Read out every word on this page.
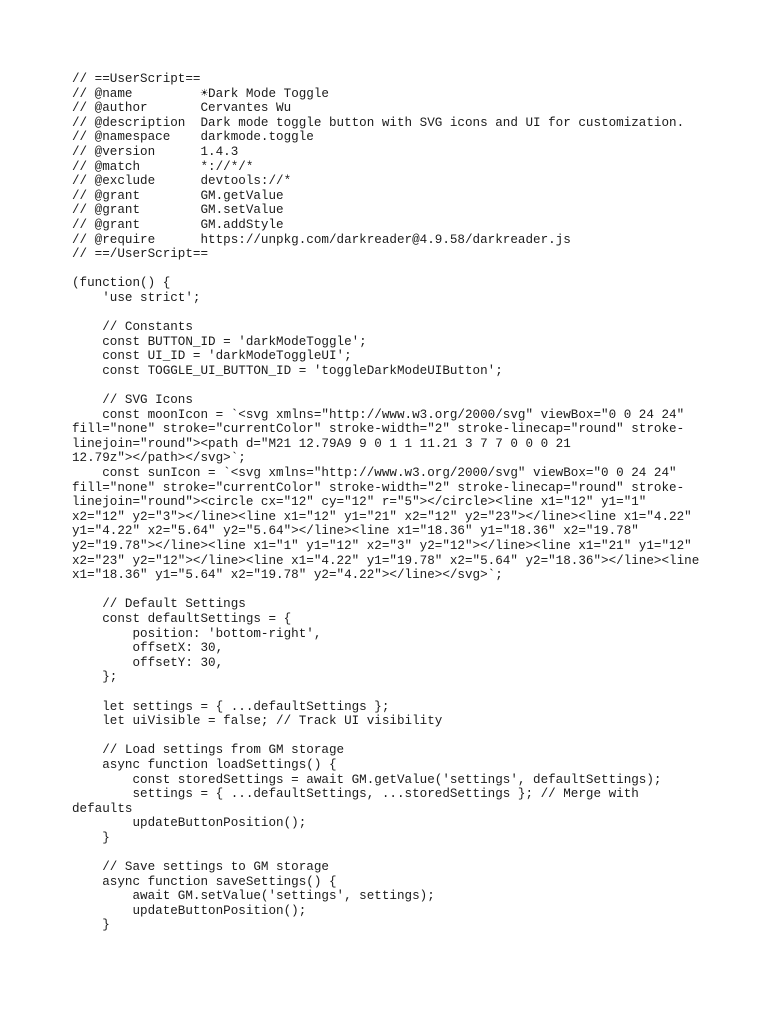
// ==UserScript==
// @name         ☀Dark Mode Toggle
// @author       Cervantes Wu
// @description  Dark mode toggle button with SVG icons and UI for customization.
// @namespace    darkmode.toggle
// @version      1.4.3
// @match        *://*/*
// @exclude      devtools://*
// @grant        GM.getValue
// @grant        GM.setValue
// @grant        GM.addStyle
// @require      https://unpkg.com/darkreader@4.9.58/darkreader.js
// ==/UserScript==
(function() {
'use strict';
// Constants
const BUTTON_ID = 'darkModeToggle';
const UI_ID = 'darkModeToggleUI';
const TOGGLE_UI_BUTTON_ID = 'toggleDarkModeUIButton';
// SVG Icons
const moonIcon = `<svg xmlns="http://www.w3.org/2000/svg" viewBox="0 0 24 24"
fill="none" stroke="currentColor" stroke-width="2" stroke-linecap="round" stroke-
linejoin="round"><path d="M21 12.79A9 9 0 1 1 11.21 3 7 7 0 0 0 21
12.79z"></path></svg>`;
const sunIcon = `<svg xmlns="http://www.w3.org/2000/svg" viewBox="0 0 24 24"
fill="none" stroke="currentColor" stroke-width="2" stroke-linecap="round" stroke-
linejoin="round"><circle cx="12" cy="12" r="5"></circle><line x1="12" y1="1"
x2="12" y2="3"></line><line x1="12" y1="21" x2="12" y2="23"></line><line x1="4.22"
y1="4.22" x2="5.64" y2="5.64"></line><line x1="18.36" y1="18.36" x2="19.78"
y2="19.78"></line><line x1="1" y1="12" x2="3" y2="12"></line><line x1="21" y1="12"
x2="23" y2="12"></line><line x1="4.22" y1="19.78" x2="5.64" y2="18.36"></line><line
x1="18.36" y1="5.64" x2="19.78" y2="4.22"></line></svg>`;
// Default Settings
const defaultSettings = {
position: 'bottom-right',
offsetX: 30,
offsetY: 30,
};
let settings = { ...defaultSettings };
let uiVisible = false; // Track UI visibility
// Load settings from GM storage
async function loadSettings() {
const storedSettings = await GM.getValue('settings', defaultSettings);
settings = { ...defaultSettings, ...storedSettings }; // Merge with
defaults
updateButtonPosition();
}
// Save settings to GM storage
async function saveSettings() {
await GM.setValue('settings', settings);
updateButtonPosition();
}
